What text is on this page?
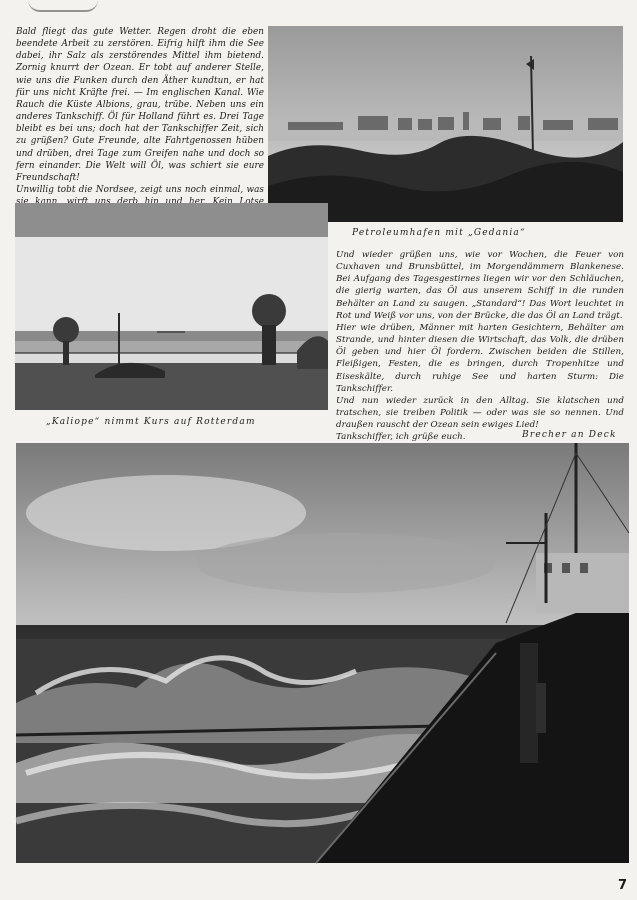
Bald fliegt das gute Wetter. Regen droht die eben beendete Arbeit zu zerstören. Eifrig hilft ihm die See dabei, ihr Salz als zerstörendes Mittel ihm bietend. Zornig knurrt der Ozean. Er tobt auf anderer Stelle, wie uns die Funken durch den Äther kundtun, er hat für uns nicht Kräfte frei. — Im englischen Kanal. Wie Rauch die Küste Albions, grau, trübe. Neben uns ein anderes Tankschiff. Öl für Holland führt es. Drei Tage bleibt es bei uns; doch hat der Tankschiffer Zeit, sich zu grüßen? Gute Freunde, alte Fahrtgenossen hüben und drüben, drei Tage zum Greifen nahe und doch so fern einander. Die Welt will Öl, was schiert sie eure Freundschaft!
Unwillig tobt die Nordsee, zeigt uns noch einmal, was

Petroleumhafen mit „Gedania“

„Kaliope“ nimmt Kurs auf Rotterdam

Und wieder grüßen uns, wie vor Wochen, die Feuer von Cuxhaven und Brunsbüttel, im Morgendämmern Blankenese. Bei Aufgang des Tagesgestirnes liegen wir vor den Schläuchen, die gierig warten, das Öl aus unserem Schiff in die runden Behälter an Land zu saugen. „Standard“! Das Wort leuchtet in Rot und Weiß vor uns, von der Brücke, die das Öl an Land trägt.
Hier wie drüben, Männer mit harten Gesichtern, Behälter am Strande, und hinter diesen die Wirtschaft, das Volk, die drüben Öl geben und hier Öl fordern. Zwischen beiden die Stillen, Fleißigen, Festen, die es bringen, durch Tropenhitze und Eiseskälte, durch ruhige See und harten Sturm: Die Tankschiffer.
Und nun wieder zurück in den Alltag. Sie klatschen und tratschen, sie treiben Politik — oder was sie so nennen. Und draußen rauscht der Ozean sein ewiges Lied!
Tankschiffer, ich grüße euch.	Brecher an Deck

7
